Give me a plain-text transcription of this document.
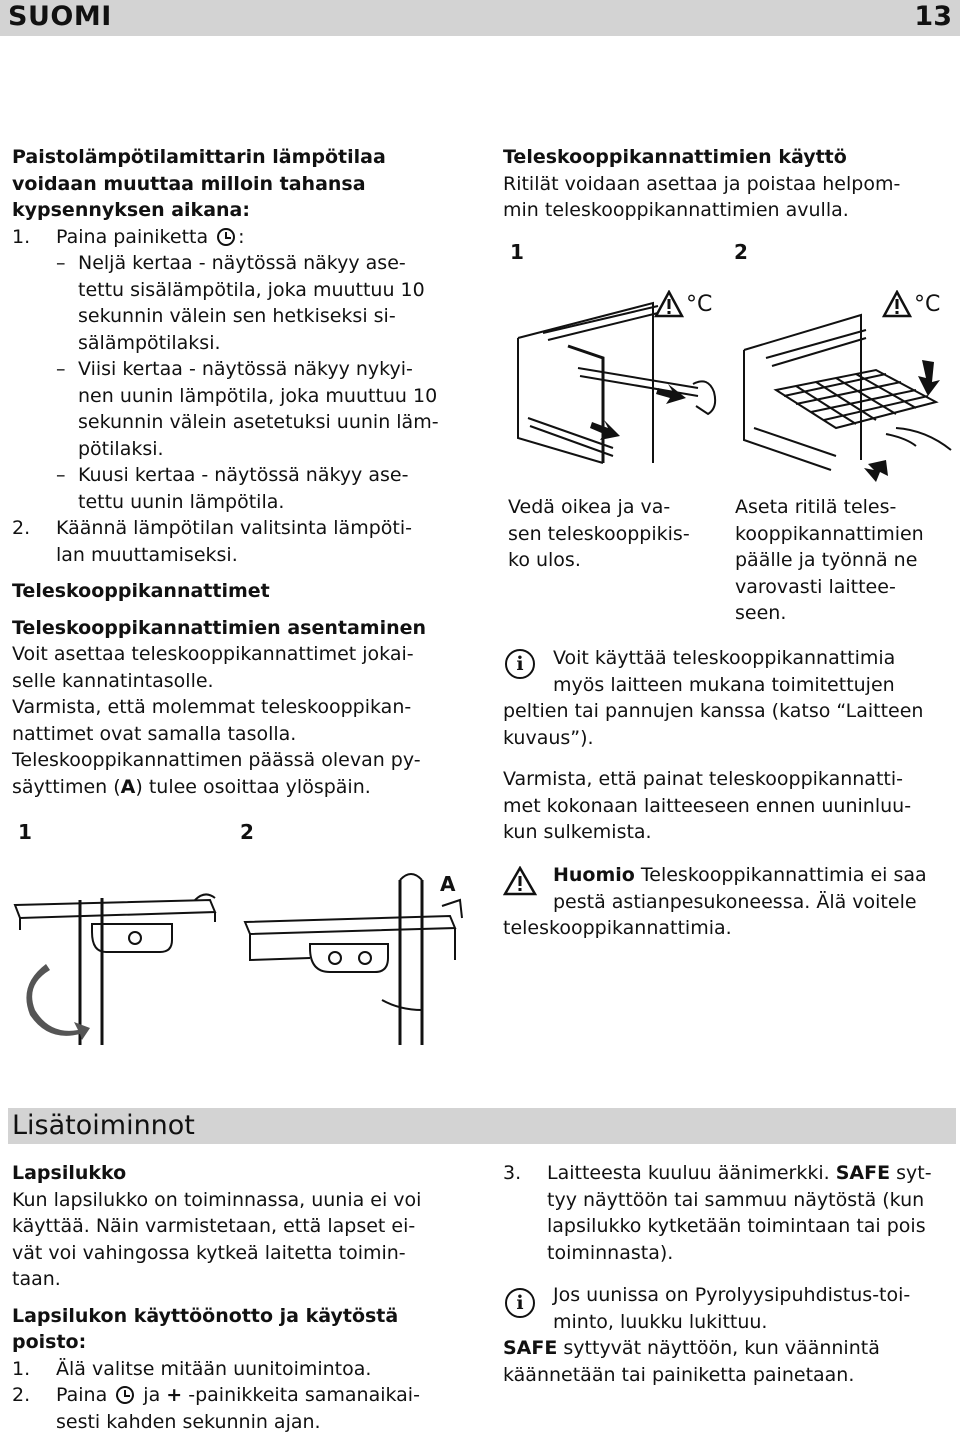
SUOMI	13
Paistolämpötilamittarin lämpötilaa
voidaan muuttaa milloin tahansa
kypsennyksen aikana:
1. Paina painiketta :
– Neljä kertaa - näytössä näkyy ase-
tettu sisälämpötila, joka muuttuu 10
sekunnin välein sen hetkiseksi si-
sälämpötilaksi.
– Viisi kertaa - näytössä näkyy nykyi-
nen uunin lämpötila, joka muuttuu 10
sekunnin välein asetetuksi uunin läm-
pötilaksi.
– Kuusi kertaa - näytössä näkyy ase-
tettu uunin lämpötila.
2. Käännä lämpötilan valitsinta lämpöti-
lan muuttamiseksi.
Teleskooppikannattimet
Teleskooppikannattimien asentaminen
Voit asettaa teleskooppikannattimet jokai-
selle kannatintasolle.
Varmista, että molemmat teleskooppikan-
nattimet ovat samalla tasolla.
Teleskooppikannattimen päässä olevan py-
säyttimen (A) tulee osoittaa ylöspäin.
1	2
A
Teleskooppikannattimien käyttö
Ritilät voidaan asettaa ja poistaa helpom-
min teleskooppikannattimien avulla.
1	2
°C	°C
Vedä oikea ja va-
sen teleskooppikis-
ko ulos.
Aseta ritilä teles-
kooppikannattimien
päälle ja työnnä ne
varovasti laittee-
seen.
i	Voit käyttää teleskooppikannattimia
myös laitteen mukana toimitettujen
peltien tai pannujen kanssa (katso “Laitteen
kuvaus”).
Varmista, että painat teleskooppikannatti-
met kokonaan laitteeseen ennen uuninluu-
kun sulkemista.
Huomio Teleskooppikannattimia ei saa
pestä astianpesukoneessa. Älä voitele
teleskooppikannattimia.
Lisätoiminnot
Lapsilukko
Kun lapsilukko on toiminnassa, uunia ei voi
käyttää. Näin varmistetaan, että lapset ei-
vät voi vahingossa kytkeä laitetta toimin-
taan.
Lapsilukon käyttöönotto ja käytöstä
poisto:
1. Älä valitse mitään uunitoimintoa.
2. Paina  ja + -painikkeita samanaikai-
sesti kahden sekunnin ajan.
3. Laitteesta kuuluu äänimerkki. SAFE syt-
tyy näyttöön tai sammuu näytöstä (kun
lapsilukko kytketään toimintaan tai pois
toiminnasta).
i	Jos uunissa on Pyrolyysipuhdistus-toi-
minto, luukku lukittuu.
SAFE syttyvät näyttöön, kun väännintä
käännetään tai painiketta painetaan.
